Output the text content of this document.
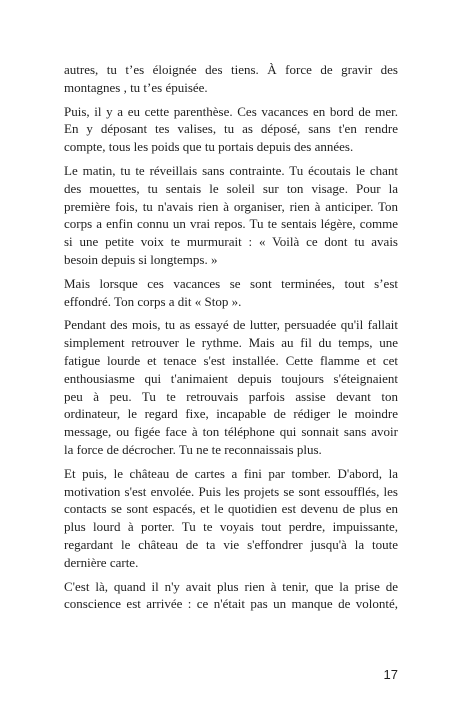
autres, tu t’es éloignée des tiens. À force de gravir des
montagnes , tu t’es épuisée.

Puis, il y a eu cette parenthèse. Ces vacances en bord de mer.
En y déposant tes valises, tu as déposé, sans t'en rendre
compte, tous les poids que tu portais depuis des années.

Le matin, tu te réveillais sans contrainte. Tu écoutais le chant
des mouettes, tu sentais le soleil sur ton visage. Pour la
première fois, tu n'avais rien à organiser, rien à anticiper. Ton
corps a enfin connu un vrai repos. Tu te sentais légère, comme
si une petite voix te murmurait : « Voilà ce dont tu avais
besoin depuis si longtemps. »

Mais lorsque ces vacances se sont terminées, tout s’est
effondré. Ton corps a dit « Stop ».

Pendant des mois, tu as essayé de lutter, persuadée qu'il fallait
simplement retrouver le rythme. Mais au fil du temps, une
fatigue lourde et tenace s'est installée. Cette flamme et cet
enthousiasme qui t'animaient depuis toujours s'éteignaient
peu à peu. Tu te retrouvais parfois assise devant ton
ordinateur, le regard fixe, incapable de rédiger le moindre
message, ou figée face à ton téléphone qui sonnait sans avoir
la force de décrocher. Tu ne te reconnaissais plus.

Et puis, le château de cartes a fini par tomber. D'abord, la
motivation s'est envolée. Puis les projets se sont essoufflés, les
contacts se sont espacés, et le quotidien est devenu de plus en
plus lourd à porter. Tu te voyais tout perdre, impuissante,
regardant le château de ta vie s'effondrer jusqu'à la toute
dernière carte.

C'est là, quand il n'y avait plus rien à tenir, que la prise de
conscience est arrivée : ce n'était pas un manque de volonté,

17
